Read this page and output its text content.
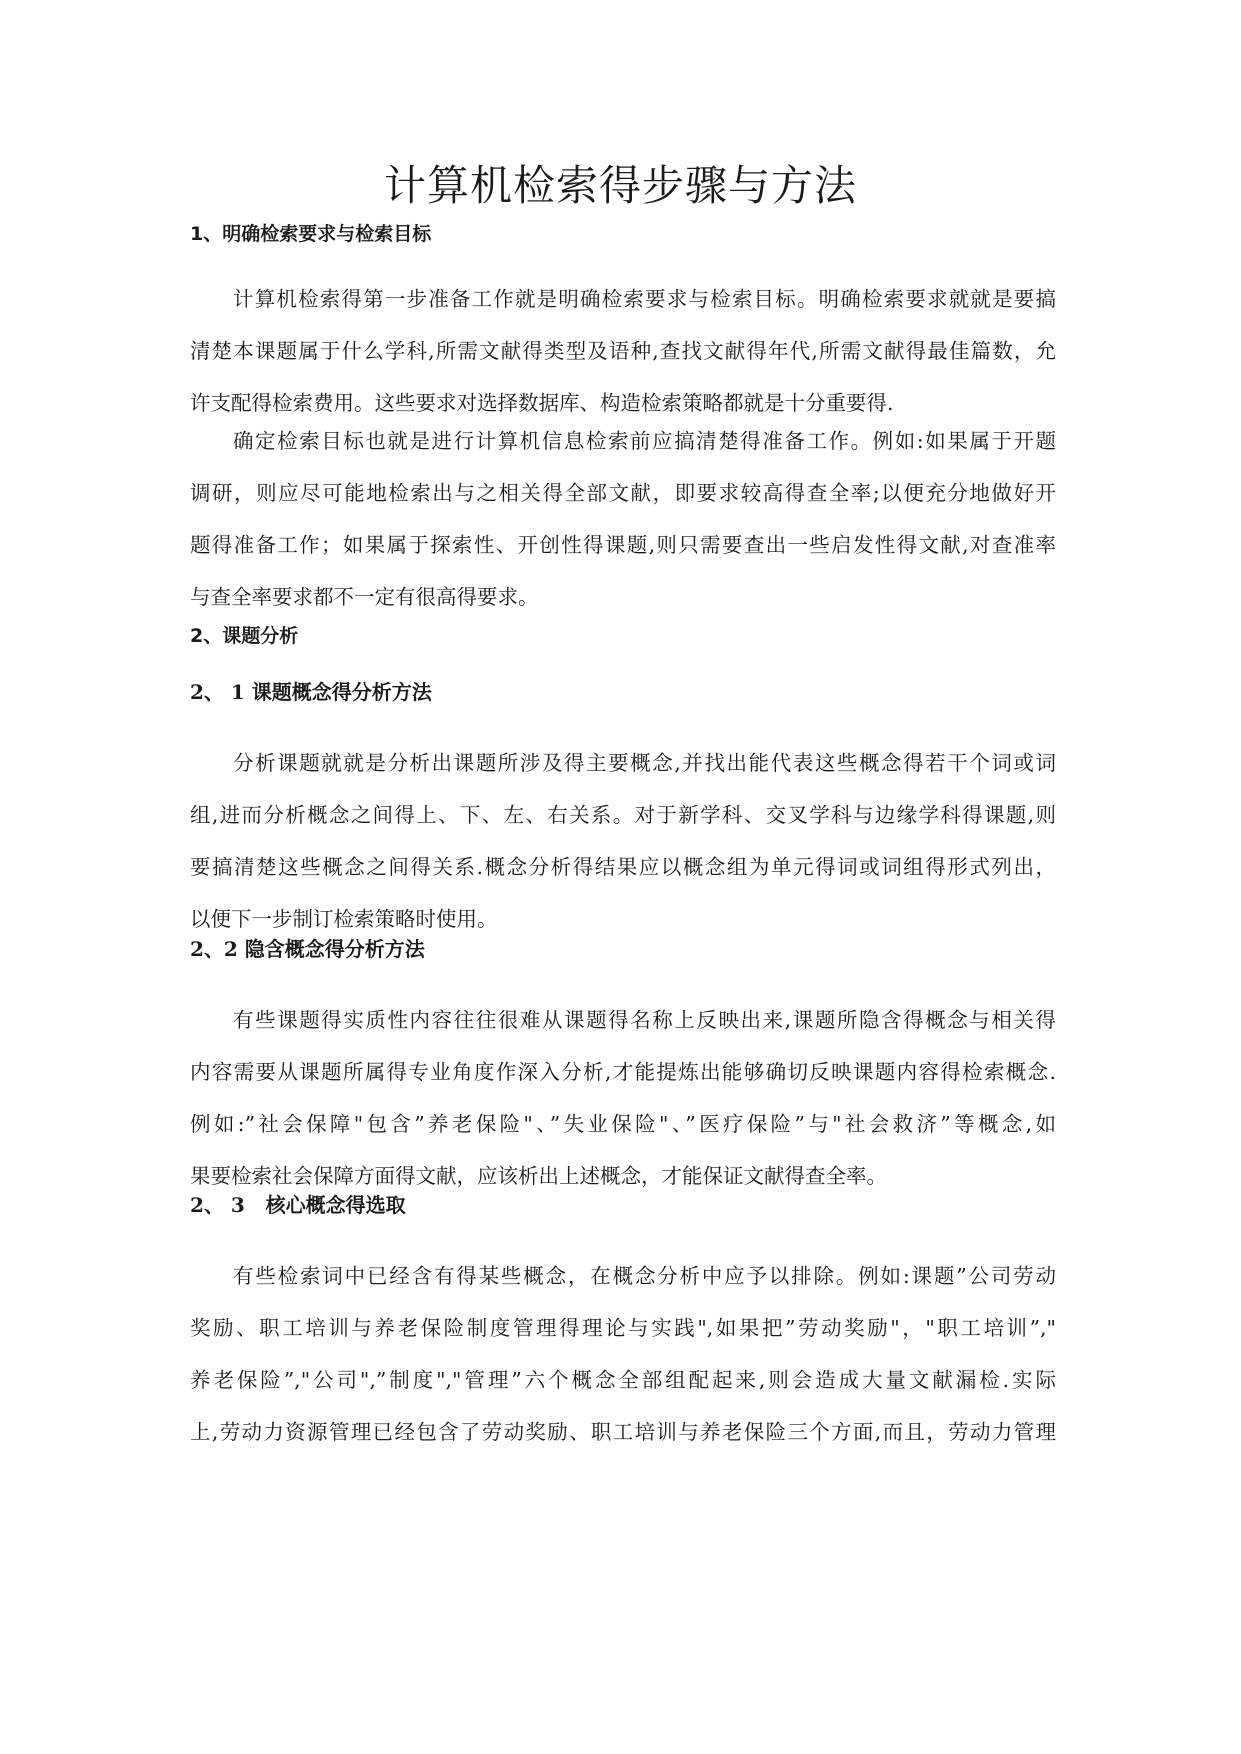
计算机检索得步骤与方法
1、明确检索要求与检索目标
计算机检索得第一步准备工作就是明确检索要求与检索目标。明确检索要求就就是要搞
清楚本课题属于什么学科,所需文献得类型及语种,查找文献得年代,所需文献得最佳篇数，允
许支配得检索费用。这些要求对选择数据库、构造检索策略都就是十分重要得.
确定检索目标也就是进行计算机信息检索前应搞清楚得准备工作。例如:如果属于开题
调研，则应尽可能地检索出与之相关得全部文献，即要求较高得查全率;以便充分地做好开
题得准备工作；如果属于探索性、开创性得课题,则只需要查出一些启发性得文献,对查准率
与查全率要求都不一定有很高得要求。
2、课题分析
2、 1 课题概念得分析方法
分析课题就就是分析出课题所涉及得主要概念,并找出能代表这些概念得若干个词或词
组,进而分析概念之间得上、下、左、右关系。对于新学科、交叉学科与边缘学科得课题,则
要搞清楚这些概念之间得关系.概念分析得结果应以概念组为单元得词或词组得形式列出，
以便下一步制订检索策略时使用。
2、2 隐含概念得分析方法
有些课题得实质性内容往往很难从课题得名称上反映出来,课题所隐含得概念与相关得
内容需要从课题所属得专业角度作深入分析,才能提炼出能够确切反映课题内容得检索概念.
例如:”社会保障"包含”养老保险"、”失业保险"、”医疗保险”与"社会救济”等概念,如
果要检索社会保障方面得文献，应该析出上述概念，才能保证文献得查全率。
2、 3   核心概念得选取
有些检索词中已经含有得某些概念，在概念分析中应予以排除。例如:课题”公司劳动
奖励、职工培训与养老保险制度管理得理论与实践",如果把”劳动奖励"，"职工培训”,"
养老保险”,"公司",”制度","管理”六个概念全部组配起来,则会造成大量文献漏检.实际
上,劳动力资源管理已经包含了劳动奖励、职工培训与养老保险三个方面,而且，劳动力管理
